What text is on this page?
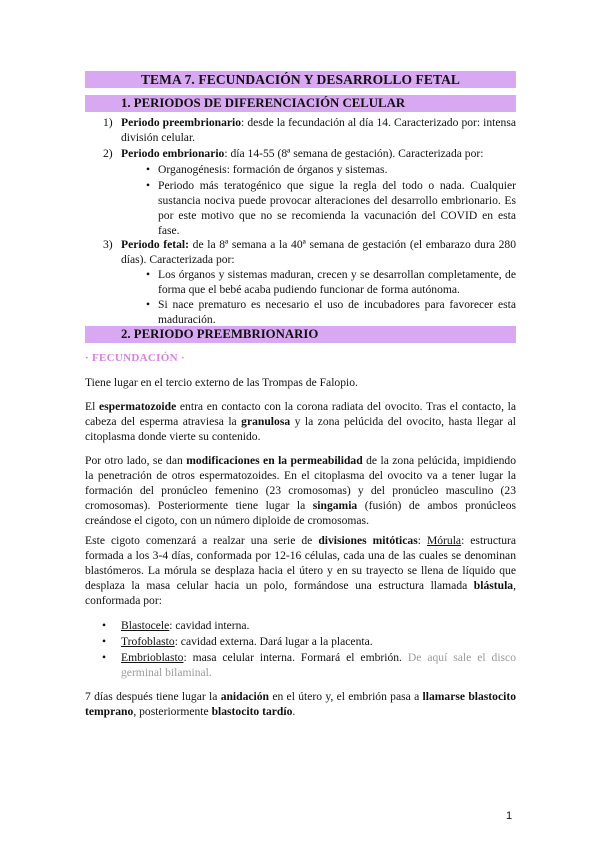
TEMA 7. FECUNDACIÓN Y DESARROLLO FETAL
1. PERIODOS DE DIFERENCIACIÓN CELULAR
1) Periodo preembrionario: desde la fecundación al día 14. Caracterizado por: intensa división celular.
2) Periodo embrionario: día 14-55 (8ª semana de gestación). Caracterizada por:
• Organogénesis: formación de órganos y sistemas.
• Periodo más teratogénico que sigue la regla del todo o nada. Cualquier sustancia nociva puede provocar alteraciones del desarrollo embrionario. Es por este motivo que no se recomienda la vacunación del COVID en esta fase.
3) Periodo fetal: de la 8ª semana a la 40ª semana de gestación (el embarazo dura 280 días). Caracterizada por:
• Los órganos y sistemas maduran, crecen y se desarrollan completamente, de forma que el bebé acaba pudiendo funcionar de forma autónoma.
• Si nace prematuro es necesario el uso de incubadores para favorecer esta maduración.
2. PERIODO PREEMBRIONARIO
· FECUNDACIÓN ·
Tiene lugar en el tercio externo de las Trompas de Falopio.
El espermatozoide entra en contacto con la corona radiata del ovocito. Tras el contacto, la cabeza del esperma atraviesa la granulosa y la zona pelúcida del ovocito, hasta llegar al citoplasma donde vierte su contenido.
Por otro lado, se dan modificaciones en la permeabilidad de la zona pelúcida, impidiendo la penetración de otros espermatozoides. En el citoplasma del ovocito va a tener lugar la formación del pronúcleo femenino (23 cromosomas) y del pronúcleo masculino (23 cromosomas). Posteriormente tiene lugar la singamia (fusión) de ambos pronúcleos creándose el cigoto, con un número diploide de cromosomas.
Este cigoto comenzará a realzar una serie de divisiones mitóticas: Mórula: estructura formada a los 3-4 días, conformada por 12-16 células, cada una de las cuales se denominan blastómeros. La mórula se desplaza hacia el útero y en su trayecto se llena de líquido que desplaza la masa celular hacia un polo, formándose una estructura llamada blástula, conformada por:
• Blastocele: cavidad interna.
• Trofoblasto: cavidad externa. Dará lugar a la placenta.
• Embrioblasto: masa celular interna. Formará el embrión. De aquí sale el disco germinal bilaminal.
7 días después tiene lugar la anidación en el útero y, el embrión pasa a llamarse blastocito temprano, posteriormente blastocito tardío.
1
